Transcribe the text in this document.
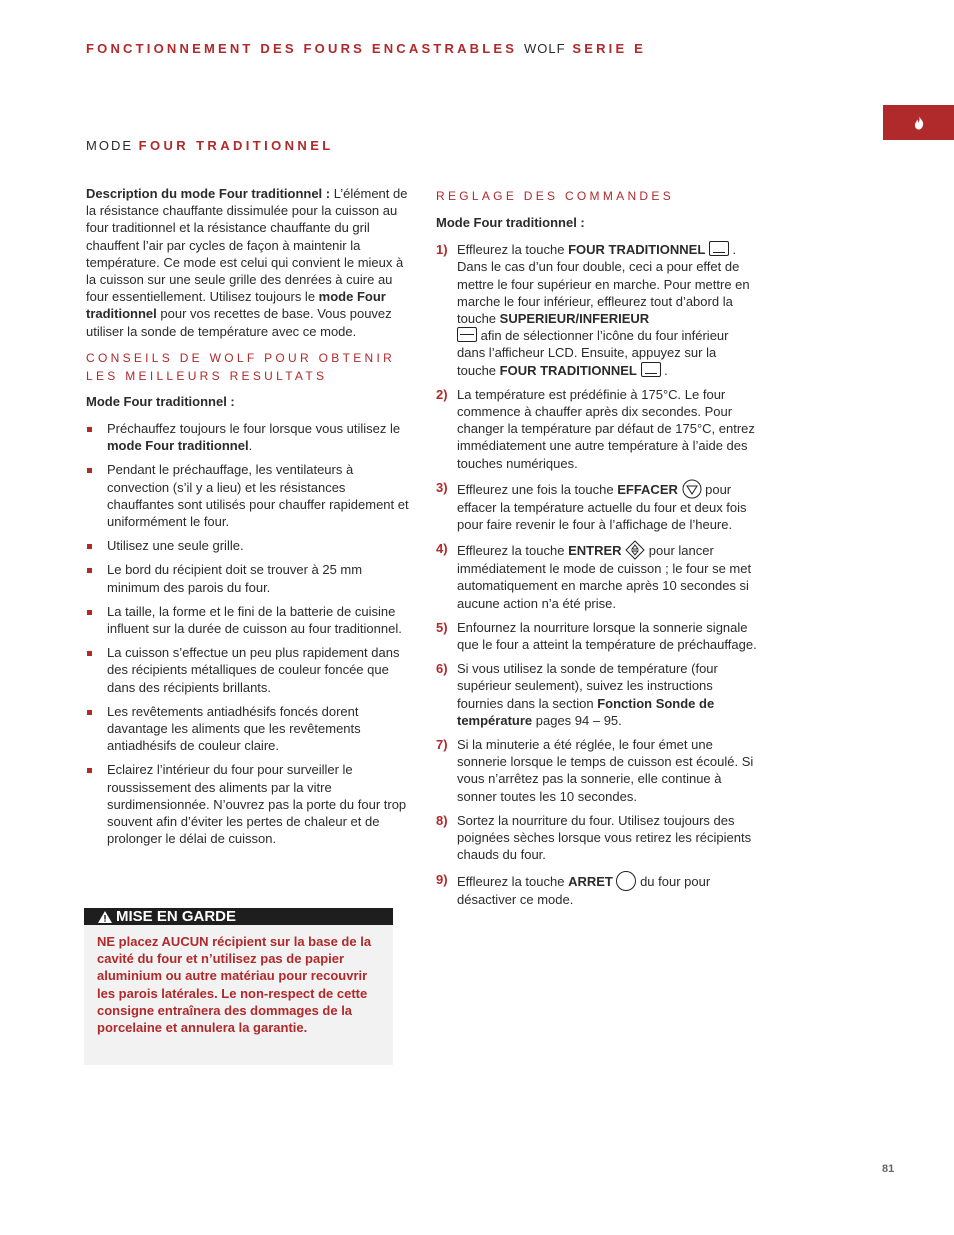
FONCTIONNEMENT DES FOURS ENCASTRABLES WOLF SERIE E
MODE FOUR TRADITIONNEL

Description du mode Four traditionnel : L’élément de la résistance chauffante dissimulée pour la cuisson au four traditionnel et la résistance chauffante du gril chauffent l’air par cycles de façon à maintenir la température. Ce mode est celui qui convient le mieux à la cuisson sur une seule grille des denrées à cuire au four essentiellement. Utilisez toujours le mode Four traditionnel pour vos recettes de base. Vous pouvez utiliser la sonde de température avec ce mode.

CONSEILS DE WOLF POUR OBTENIR
LES MEILLEURS RESULTATS

Mode Four traditionnel :

Préchauffez toujours le four lorsque vous utilisez le mode Four traditionnel.
Pendant le préchauffage, les ventilateurs à convection (s’il y a lieu) et les résistances chauffantes sont utilisés pour chauffer rapidement et uniformément le four.
Utilisez une seule grille.
Le bord du récipient doit se trouver à 25 mm minimum des parois du four.
La taille, la forme et le fini de la batterie de cuisine influent sur la durée de cuisson au four traditionnel.
La cuisson s’effectue un peu plus rapidement dans des récipients métalliques de couleur foncée que dans des récipients brillants.
Les revêtements antiadhésifs foncés dorent davantage les aliments que les revêtements antiadhésifs de couleur claire.
Eclairez l’intérieur du four pour surveiller le roussissement des aliments par la vitre surdimensionnée. N’ouvrez pas la porte du four trop souvent afin d’éviter les pertes de chaleur et de prolonger le délai de cuisson.
MISE EN GARDE
NE placez AUCUN récipient sur la base de la cavité du four et n’utilisez pas de papier aluminium ou autre matériau pour recouvrir les parois latérales. Le non-respect de cette consigne entraînera des dommages de la porcelaine et annulera la garantie.
REGLAGE DES COMMANDES

Mode Four traditionnel :

1) Effleurez la touche FOUR TRADITIONNEL  . Dans le cas d’un four double, ceci a pour effet de mettre le four supérieur en marche. Pour mettre en marche le four inférieur, effleurez tout d’abord la touche SUPERIEUR/INFERIEUR
afin de sélectionner l’icône du four inférieur dans l’afficheur LCD. Ensuite, appuyez sur la touche FOUR TRADITIONNEL  .
2) La température est prédéfinie à 175°C. Le four commence à chauffer après dix secondes. Pour changer la température par défaut de 175°C, entrez immédiatement une autre température à l’aide des touches numériques.
3) Effleurez une fois la touche EFFACER  pour effacer la température actuelle du four et deux fois pour faire revenir le four à l’affichage de l’heure.
4) Effleurez la touche ENTRER  pour lancer immédiatement le mode de cuisson ; le four se met automatiquement en marche après 10 secondes si aucune action n’a été prise.
5) Enfournez la nourriture lorsque la sonnerie signale que le four a atteint la température de préchauffage.
6) Si vous utilisez la sonde de température (four supérieur seulement), suivez les instructions fournies dans la section Fonction Sonde de température pages 94 – 95.
7) Si la minuterie a été réglée, le four émet une sonnerie lorsque le temps de cuisson est écoulé. Si vous n’arrêtez pas la sonnerie, elle continue à sonner toutes les 10 secondes.
8) Sortez la nourriture du four. Utilisez toujours des poignées sèches lorsque vous retirez les récipients chauds du four.
9) Effleurez la touche ARRET  du four pour désactiver ce mode.
81
